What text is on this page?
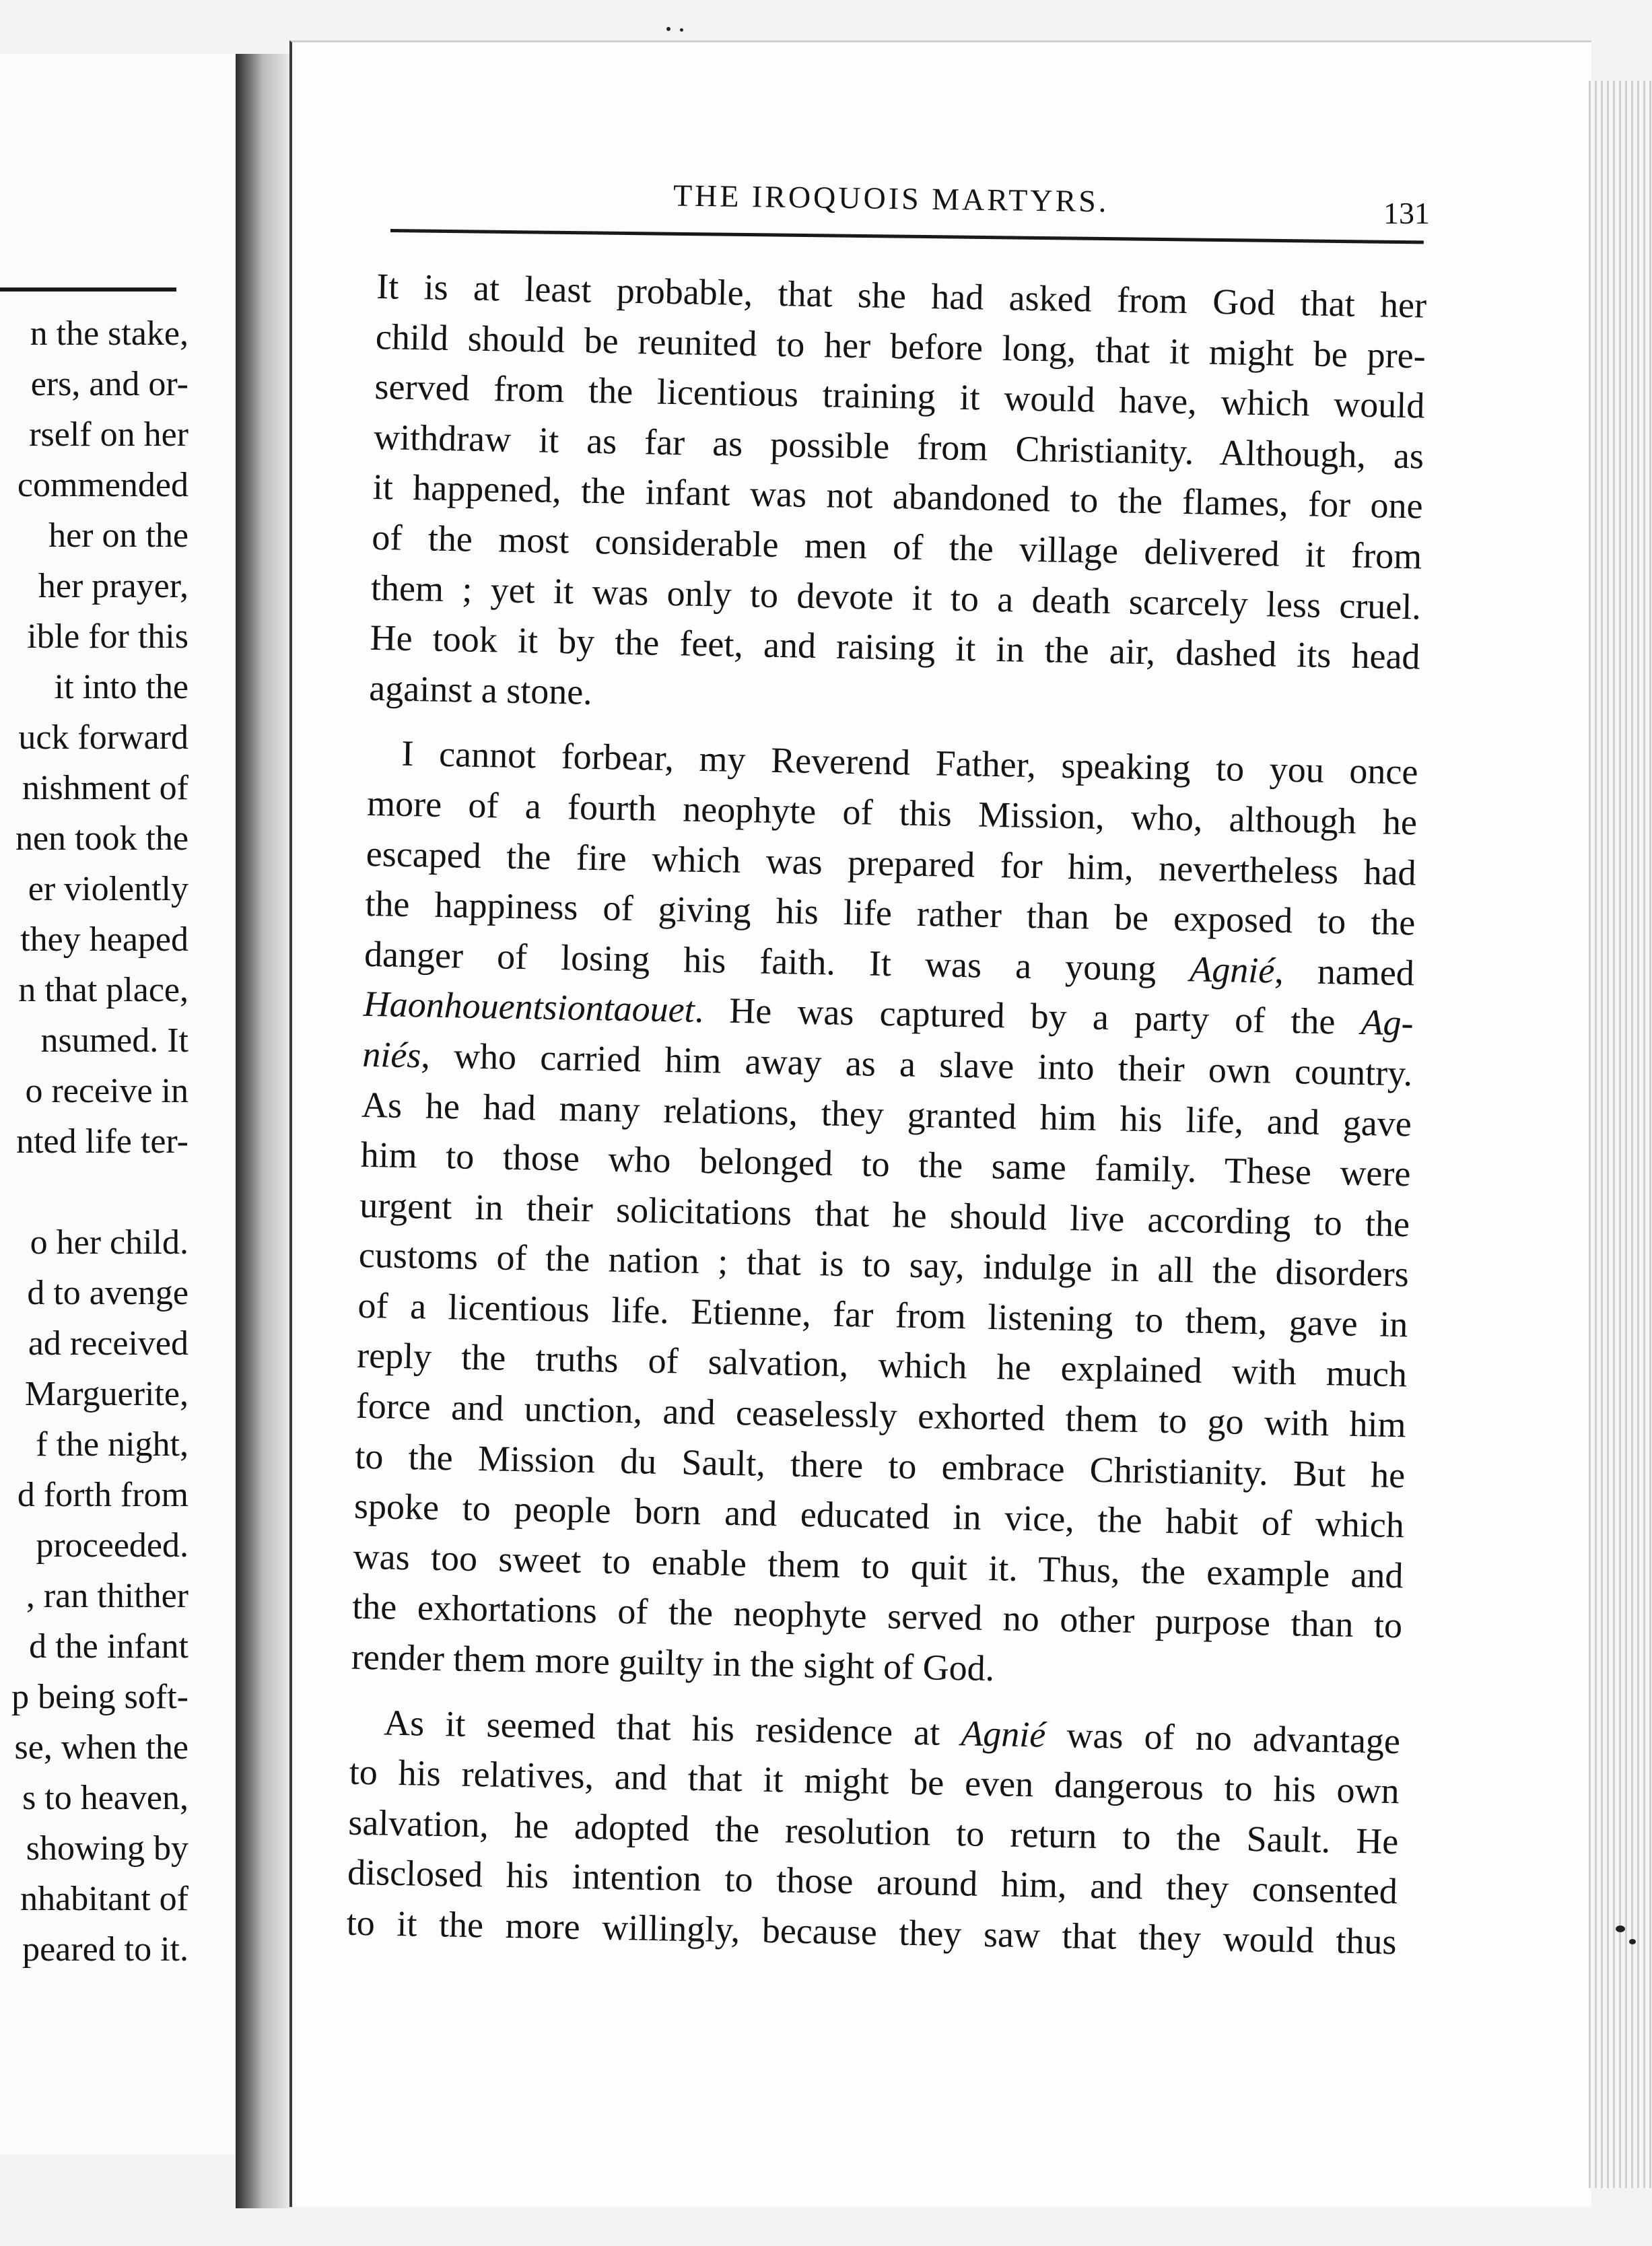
n the stake,
ers, and or-
rself on her
commended
her on the
her prayer,
ible for this
it into the
uck forward
nishment of
nen took the
er violently
they heaped
n that place,
nsumed. It
o receive in
nted life ter-
o her child.
d to avenge
ad received
Marguerite,
f the night,
d forth from
proceeded.
, ran thither
d the infant
p being soft-
se, when the
s to heaven,
showing by
nhabitant of
peared to it.
THE IROQUOIS MARTYRS.	131
It is at least probable, that she had asked from God that her
child should be reunited to her before long, that it might be pre-
served from the licentious training it would have, which would
withdraw it as far as possible from Christianity. Although, as
it happened, the infant was not abandoned to the flames, for one
of the most considerable men of the village delivered it from
them ; yet it was only to devote it to a death scarcely less cruel.
He took it by the feet, and raising it in the air, dashed its head
against a stone.
I cannot forbear, my Reverend Father, speaking to you once
more of a fourth neophyte of this Mission, who, although he
escaped the fire which was prepared for him, nevertheless had
the happiness of giving his life rather than be exposed to the
danger of losing his faith. It was a young Agnié, named
Haonhouentsiontaouet. He was captured by a party of the Ag-
niés, who carried him away as a slave into their own country.
As he had many relations, they granted him his life, and gave
him to those who belonged to the same family. These were
urgent in their solicitations that he should live according to the
customs of the nation ; that is to say, indulge in all the disorders
of a licentious life. Etienne, far from listening to them, gave in
reply the truths of salvation, which he explained with much
force and unction, and ceaselessly exhorted them to go with him
to the Mission du Sault, there to embrace Christianity. But he
spoke to people born and educated in vice, the habit of which
was too sweet to enable them to quit it. Thus, the example and
the exhortations of the neophyte served no other purpose than to
render them more guilty in the sight of God.
As it seemed that his residence at Agnié was of no advantage
to his relatives, and that it might be even dangerous to his own
salvation, he adopted the resolution to return to the Sault. He
disclosed his intention to those around him, and they consented
to it the more willingly, because they saw that they would thus
